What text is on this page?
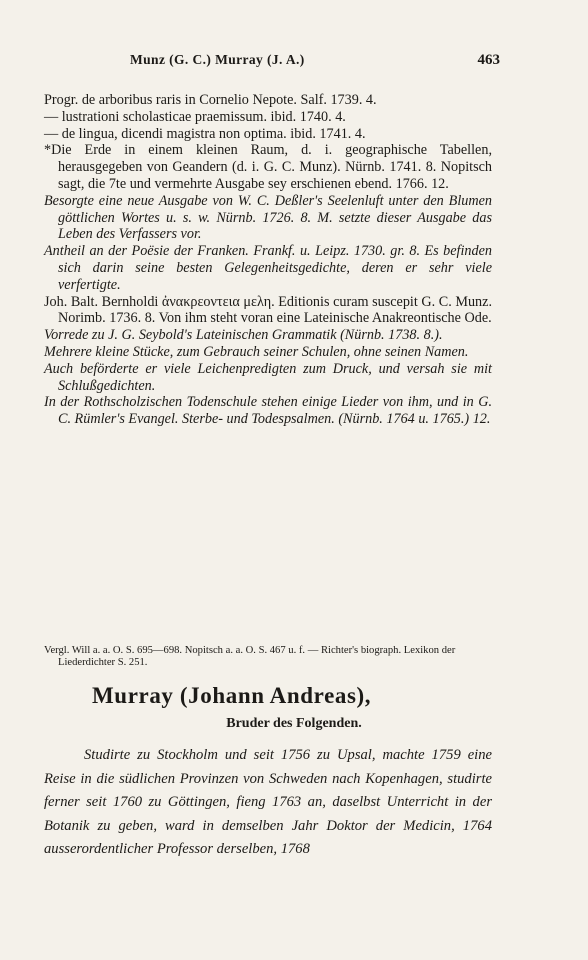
Munz (G. C.) Murray (J. A.)	463

Progr. de arboribus raris in Cornelio Nepote. Salf. 1739. 4.

— lustrationi scholasticae praemissum. ibid. 1740. 4.

— de lingua, dicendi magistra non optima. ibid. 1741. 4.

*Die Erde in einem kleinen Raum, d. i. geographische Tabellen, herausgegeben von Geandern (d. i. G. C. Munz). Nürnb. 1741. 8. Nopitsch sagt, die 7te und vermehrte Ausgabe sey erschienen ebend. 1766. 12.

Besorgte eine neue Ausgabe von W. C. Deßler's Seelenluft unter den Blumen göttlichen Wortes u. s. w. Nürnb. 1726. 8. M. setzte dieser Ausgabe das Leben des Verfassers vor.

Antheil an der Poësie der Franken. Frankf. u. Leipz. 1730. gr. 8. Es befinden sich darin seine besten Gelegenheitsgedichte, deren er sehr viele verfertigte.

Joh. Balt. Bernholdi ἀνακρεοντεια μελη. Editionis curam suscepit G. C. Munz. Norimb. 1736. 8. Von ihm steht voran eine Lateinische Anakreontische Ode.

Vorrede zu J. G. Seybold's Lateinischen Grammatik (Nürnb. 1738. 8.).

Mehrere kleine Stücke, zum Gebrauch seiner Schulen, ohne seinen Namen.

Auch beförderte er viele Leichenpredigten zum Druck, und versah sie mit Schlußgedichten.

In der Rothscholzischen Todenschule stehen einige Lieder von ihm, und in G. C. Rümler's Evangel. Sterbe- und Todespsalmen. (Nürnb. 1764 u. 1765.) 12.

Vergl. Will a. a. O. S. 695—698. Nopitsch a. a. O. S. 467 u. f. — Richter's biograph. Lexikon der Liederdichter S. 251.
Murray (Johann Andreas),
Bruder des Folgenden.

Studirte zu Stockholm und seit 1756 zu Upsal, machte 1759 eine Reise in die südlichen Provinzen von Schweden nach Kopenhagen, studirte ferner seit 1760 zu Göttingen, fieng 1763 an, daselbst Unterricht in der Botanik zu geben, ward in demselben Jahr Doktor der Medicin, 1764 ausserordentlicher Professor derselben, 1768
